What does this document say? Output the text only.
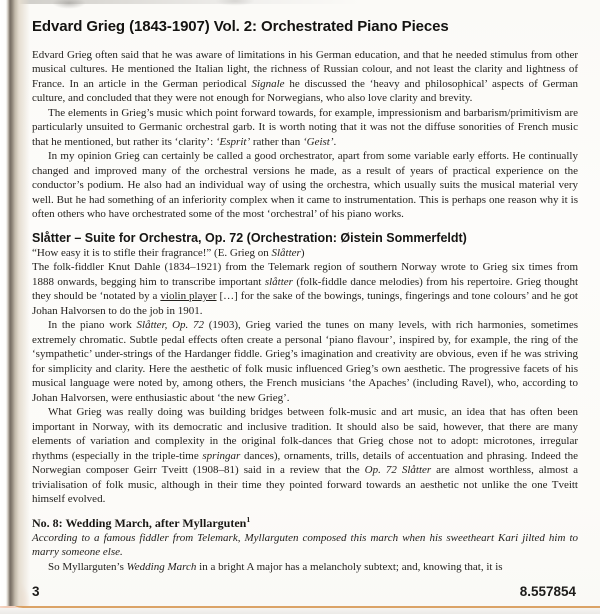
Edvard Grieg (1843-1907) Vol. 2: Orchestrated Piano Pieces

Edvard Grieg often said that he was aware of limitations in his German education, and that he needed stimulus from other musical cultures. He mentioned the Italian light, the richness of Russian colour, and not least the clarity and lightness of France. In an article in the German periodical Signale he discussed the ‘heavy and philosophical’ aspects of German culture, and concluded that they were not enough for Norwegians, who also love clarity and brevity.

The elements in Grieg’s music which point forward towards, for example, impressionism and barbarism/primitivism are particularly unsuited to Germanic orchestral garb. It is worth noting that it was not the diffuse sonorities of French music that he mentioned, but rather its ‘clarity’: ‘Esprit’ rather than ‘Geist’.

In my opinion Grieg can certainly be called a good orchestrator, apart from some variable early efforts. He continually changed and improved many of the orchestral versions he made, as a result of years of practical experience on the conductor’s podium. He also had an individual way of using the orchestra, which usually suits the musical material very well. But he had something of an inferiority complex when it came to instrumentation. This is perhaps one reason why it is often others who have orchestrated some of the most ‘orchestral’ of his piano works.

Slåtter – Suite for Orchestra, Op. 72 (Orchestration: Øistein Sommerfeldt)

“How easy it is to stifle their fragrance!” (E. Grieg on Slåtter)

The folk-fiddler Knut Dahle (1834–1921) from the Telemark region of southern Norway wrote to Grieg six times from 1888 onwards, begging him to transcribe important slåtter (folk-fiddle dance melodies) from his repertoire. Grieg thought they should be ‘notated by a violin player […] for the sake of the bowings, tunings, fingerings and tone colours’ and he got Johan Halvorsen to do the job in 1901.

In the piano work Slåtter, Op. 72 (1903), Grieg varied the tunes on many levels, with rich harmonies, sometimes extremely chromatic. Subtle pedal effects often create a personal ‘piano flavour’, inspired by, for example, the ring of the ‘sympathetic’ under-strings of the Hardanger fiddle. Grieg’s imagination and creativity are obvious, even if he was striving for simplicity and clarity. Here the aesthetic of folk music influenced Grieg’s own aesthetic. The progressive facets of his musical language were noted by, among others, the French musicians ‘the Apaches’ (including Ravel), who, according to Johan Halvorsen, were enthusiastic about ‘the new Grieg’.

What Grieg was really doing was building bridges between folk-music and art music, an idea that has often been important in Norway, with its democratic and inclusive tradition. It should also be said, however, that there are many elements of variation and complexity in the original folk-dances that Grieg chose not to adopt: microtones, irregular rhythms (especially in the triple-time springar dances), ornaments, trills, details of accentuation and phrasing. Indeed the Norwegian composer Geirr Tveitt (1908–81) said in a review that the Op. 72 Slåtter are almost worthless, almost a trivialisation of folk music, although in their time they pointed forward towards an aesthetic not unlike the one Tveitt himself evolved.

No. 8: Wedding March, after Myllarguten$^1$

According to a famous fiddler from Telemark, Myllarguten composed this march when his sweetheart Kari jilted him to marry someone else.

So Myllarguten’s Wedding March in a bright A major has a melancholy subtext; and, knowing that, it is

3	8.557854
